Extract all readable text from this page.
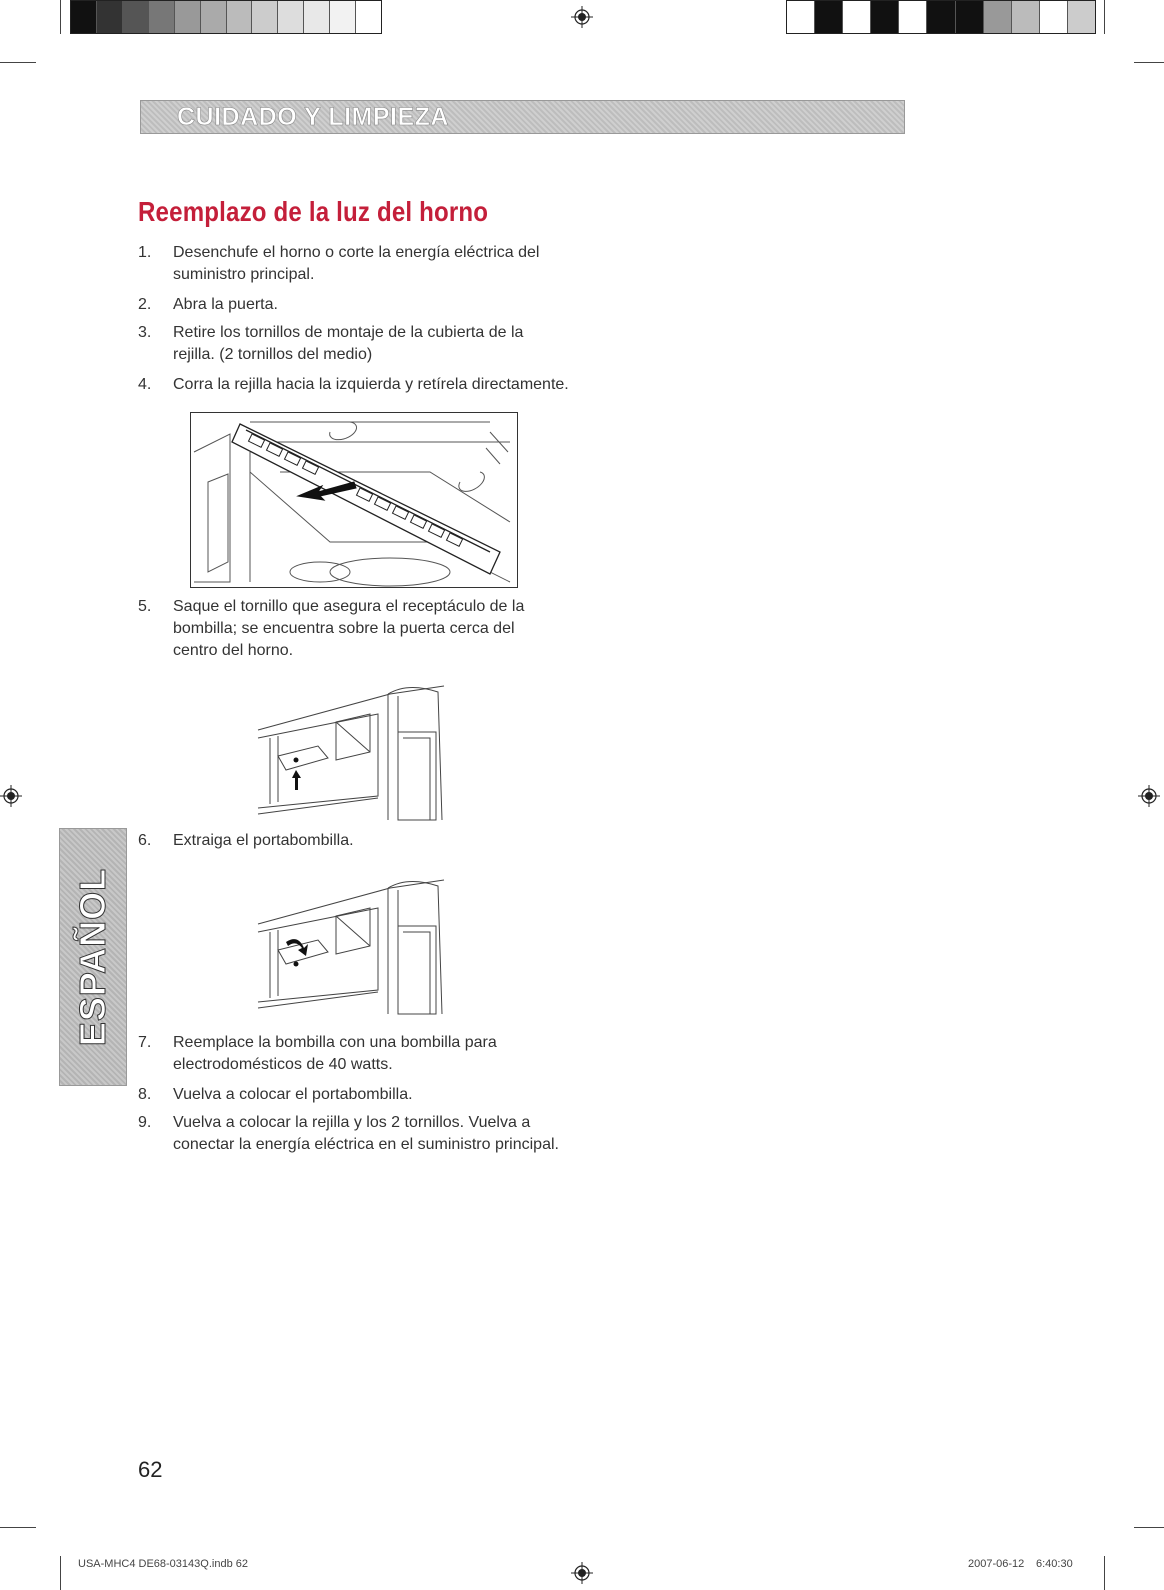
CUIDADO Y LIMPIEZA
Reemplazo de la luz del horno
1.	Desenchufe el horno o corte la energía eléctrica del suministro principal.
2.	Abra la puerta.
3.	Retire los tornillos de montaje de la cubierta de la rejilla. (2 tornillos del medio)
4.	Corra la rejilla hacia la izquierda y retírela directamente.
5.	Saque el tornillo que asegura el receptáculo de la bombilla; se encuentra sobre la puerta cerca del centro del horno.
6.	Extraiga el portabombilla.
7.	Reemplace la bombilla con una bombilla para electrodomésticos de 40 watts.
8.	Vuelva a colocar el portabombilla.
9.	Vuelva a colocar la rejilla y los 2 tornillos. Vuelva a conectar la energía eléctrica en el suministro principal.
ESPAÑOL
62
USA-MHC4 DE68-03143Q.indb 62	2007-06-12 6:40:30
